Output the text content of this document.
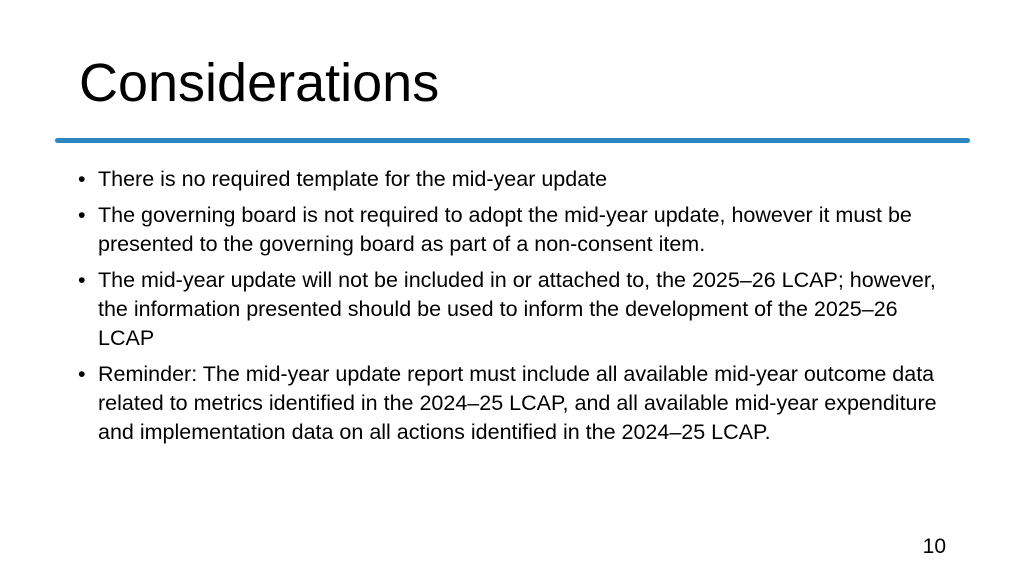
Considerations
• There is no required template for the mid-year update
• The governing board is not required to adopt the mid-year update, however it must be presented to the governing board as part of a non-consent item.
• The mid-year update will not be included in or attached to, the 2025–26 LCAP; however, the information presented should be used to inform the development of the 2025–26 LCAP
• Reminder: The mid-year update report must include all available mid-year outcome data related to metrics identified in the 2024–25 LCAP, and all available mid-year expenditure and implementation data on all actions identified in the 2024–25 LCAP.
10
